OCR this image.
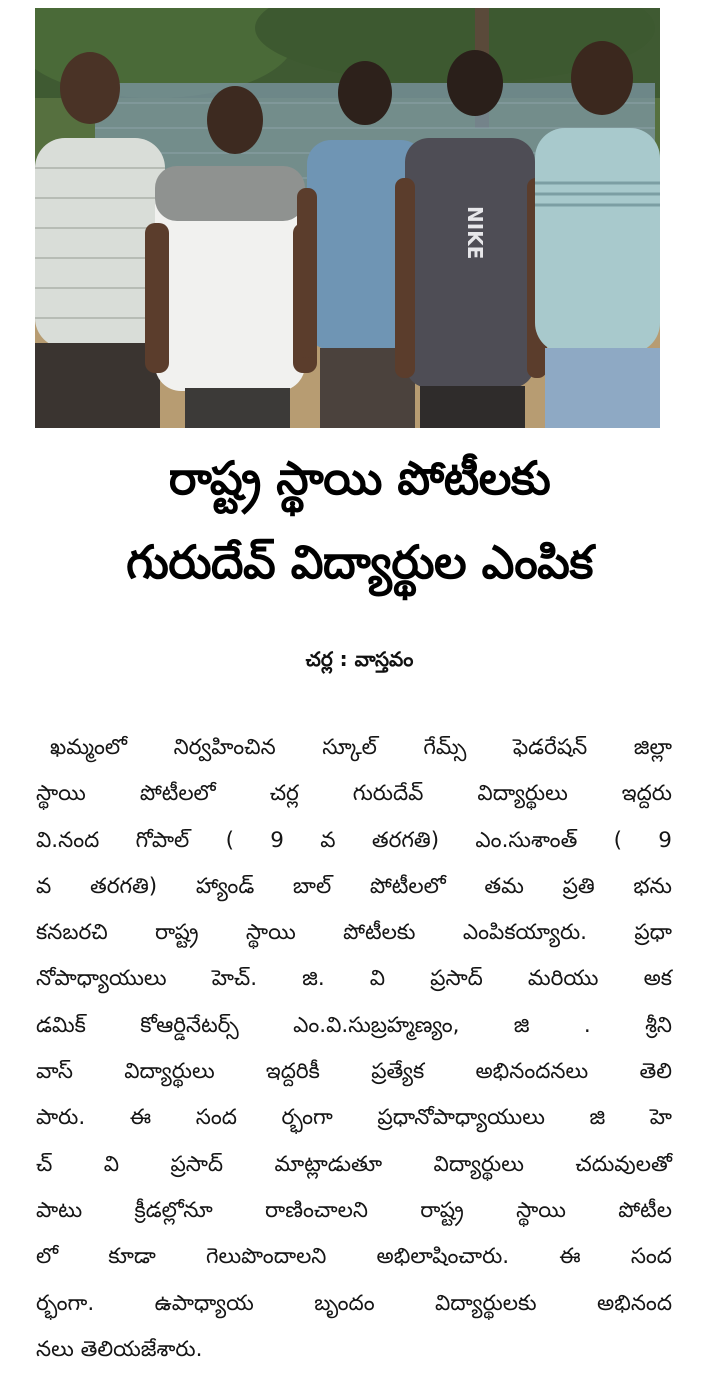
NIKE
రాష్ట్ర స్థాయి పోటీలకు
గురుదేవ్ విద్యార్థుల ఎంపిక
చర్ల : వాస్తవం
ఖమ్మంలో నిర్వహించిన స్కూల్ గేమ్స్ ఫెడరేషన్ జిల్లా
స్థాయి పోటీలలో చర్ల గురుదేవ్ విద్యార్థులు ఇద్దరు
వి.నంద గోపాల్ ( 9 వ తరగతి) ఎం.సుశాంత్ ( 9
వ తరగతి) హ్యాండ్ బాల్ పోటీలలో తమ ప్రతి భను
కనబరచి రాష్ట్ర స్థాయి పోటీలకు ఎంపికయ్యారు. ప్రధా
నోపాధ్యాయులు హెచ్. జి. వి ప్రసాద్ మరియు అక
డమిక్ కోఆర్డినేటర్స్ ఎం.వి.సుబ్రహ్మణ్యం, జి . శ్రీని
వాస్ విద్యార్థులు ఇద్దరికీ ప్రత్యేక అభినందనలు తెలి
పారు. ఈ సంద ర్భంగా ప్రధానోపాధ్యాయులు జి హె
చ్ వి ప్రసాద్ మాట్లాడుతూ విద్యార్థులు చదువులతో
పాటు క్రీడల్లోనూ రాణించాలని రాష్ట్ర స్థాయి పోటీల
లో కూడా గెలుపొందాలని అభిలాషించారు. ఈ సంద
ర్భంగా. ఉపాధ్యాయ బృందం విద్యార్థులకు అభినంద
నలు తెలియజేశారు.
